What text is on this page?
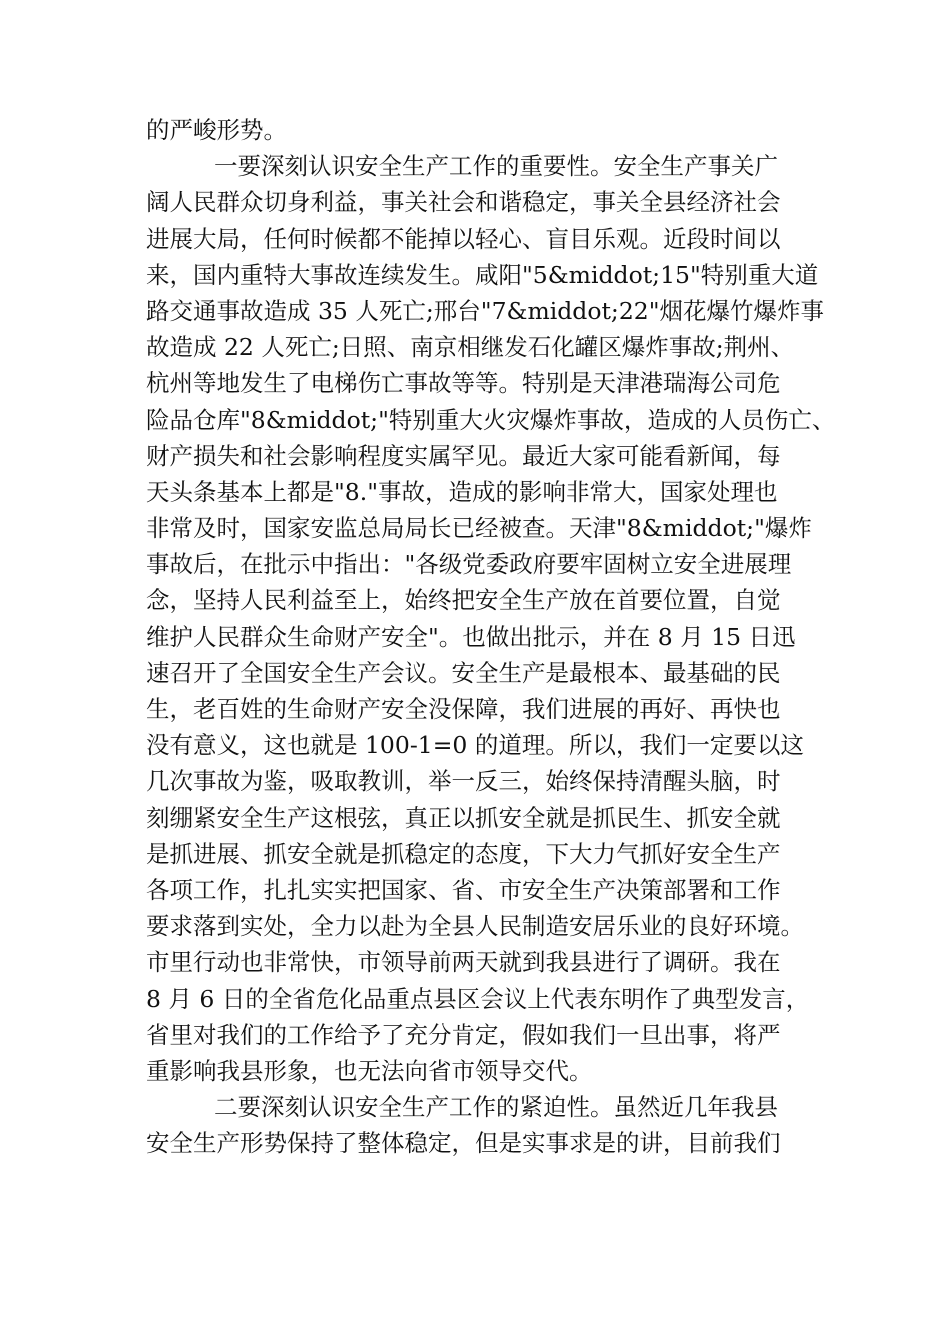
的严峻形势。
一要深刻认识安全生产工作的重要性。安全生产事关广
阔人民群众切身利益，事关社会和谐稳定，事关全县经济社会
进展大局，任何时候都不能掉以轻心、盲目乐观。近段时间以
来，国内重特大事故连续发生。咸阳"5&middot;15"特别重大道
路交通事故造成 35 人死亡;邢台"7&middot;22"烟花爆竹爆炸事
故造成 22 人死亡;日照、南京相继发石化罐区爆炸事故;荆州、
杭州等地发生了电梯伤亡事故等等。特别是天津港瑞海公司危
险品仓库"8&middot;"特别重大火灾爆炸事故，造成的人员伤亡、
财产损失和社会影响程度实属罕见。最近大家可能看新闻，每
天头条基本上都是"8."事故，造成的影响非常大，国家处理也
非常及时，国家安监总局局长已经被查。天津"8&middot;"爆炸
事故后，在批示中指出："各级党委政府要牢固树立安全进展理
念，坚持人民利益至上，始终把安全生产放在首要位置，自觉
维护人民群众生命财产安全"。也做出批示，并在 8 月 15 日迅
速召开了全国安全生产会议。安全生产是最根本、最基础的民
生，老百姓的生命财产安全没保障，我们进展的再好、再快也
没有意义，这也就是 100-1=0 的道理。所以，我们一定要以这
几次事故为鉴，吸取教训，举一反三，始终保持清醒头脑，时
刻绷紧安全生产这根弦，真正以抓安全就是抓民生、抓安全就
是抓进展、抓安全就是抓稳定的态度，下大力气抓好安全生产
各项工作，扎扎实实把国家、省、市安全生产决策部署和工作
要求落到实处，全力以赴为全县人民制造安居乐业的良好环境。
市里行动也非常快，市领导前两天就到我县进行了调研。我在
8 月 6 日的全省危化品重点县区会议上代表东明作了典型发言，
省里对我们的工作给予了充分肯定，假如我们一旦出事，将严
重影响我县形象，也无法向省市领导交代。
二要深刻认识安全生产工作的紧迫性。虽然近几年我县
安全生产形势保持了整体稳定，但是实事求是的讲，目前我们
